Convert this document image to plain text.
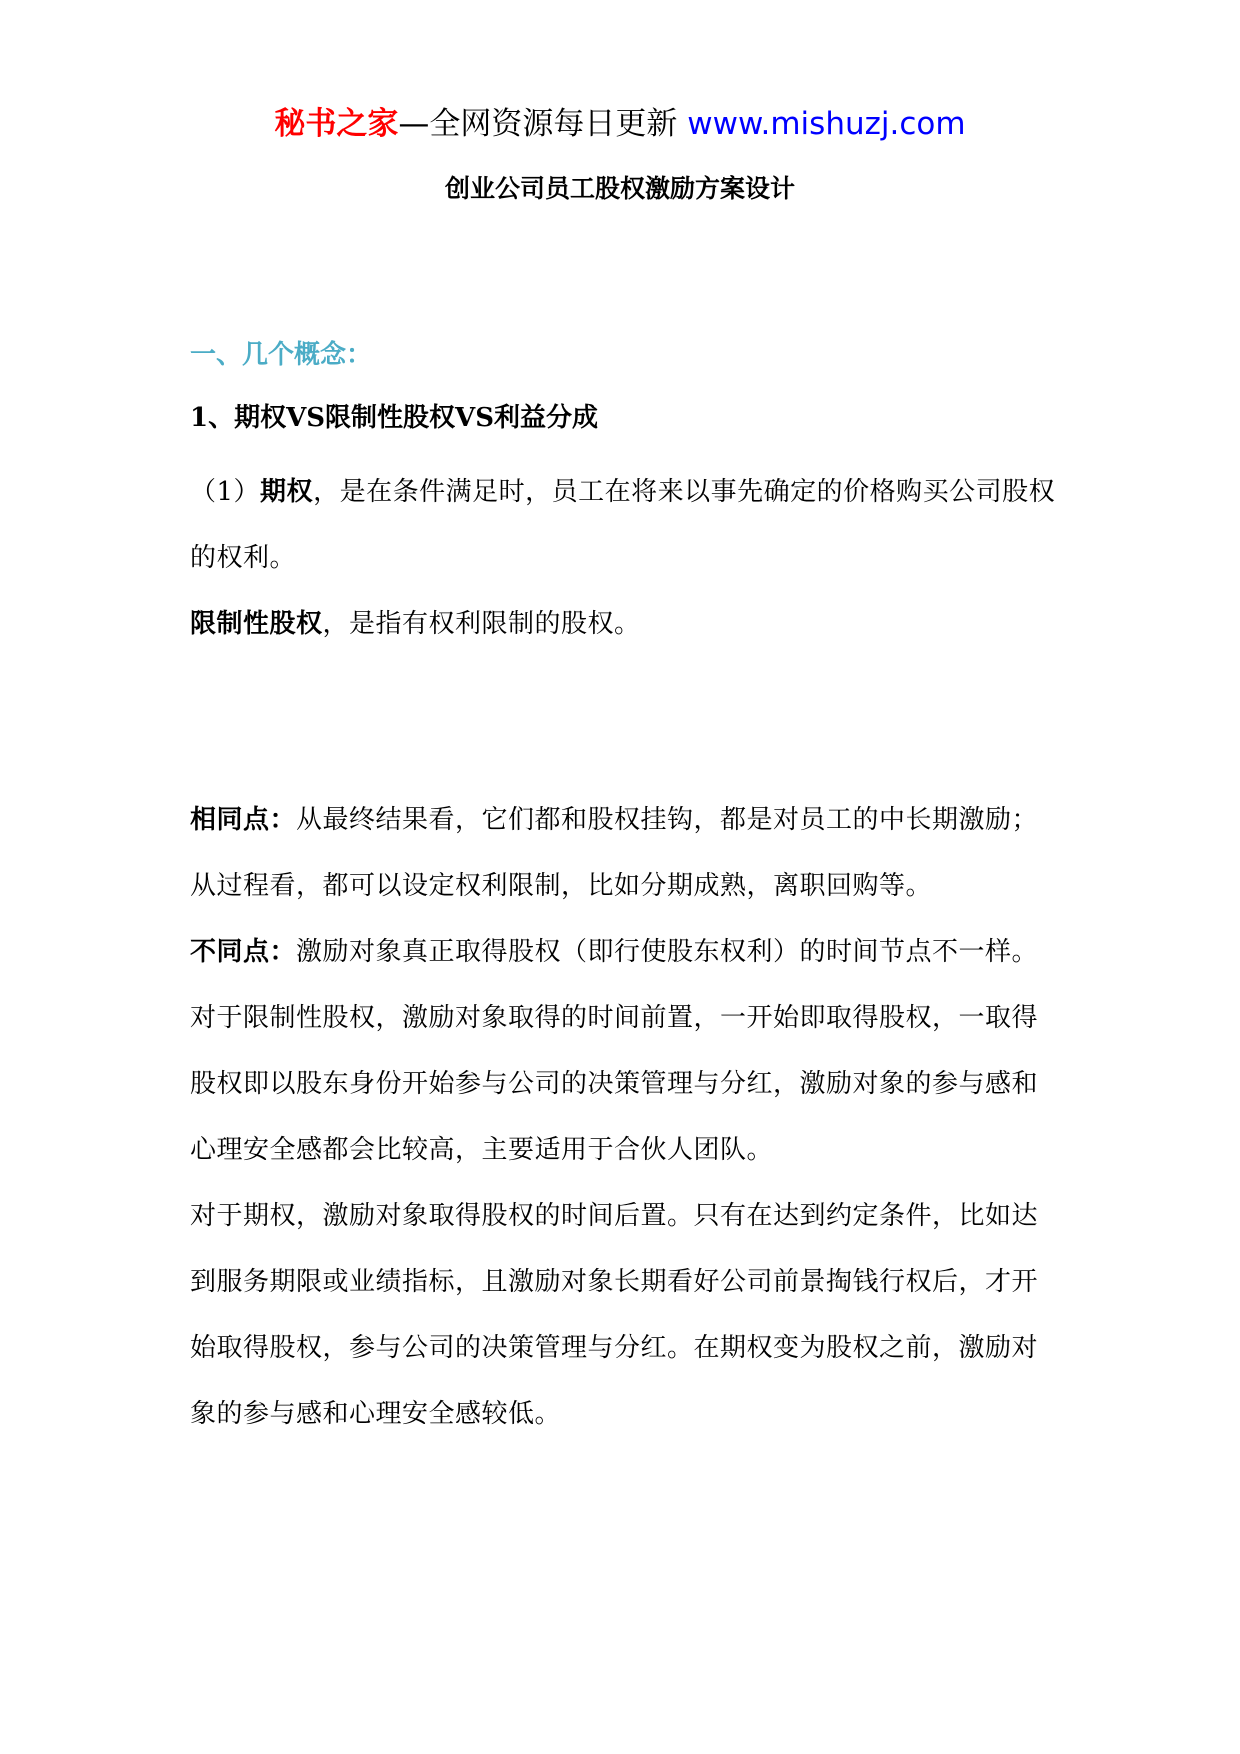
秘书之家—全网资源每日更新 www.mishuzj.com
创业公司员工股权激励方案设计
一、几个概念：
1、期权VS限制性股权VS利益分成

（1）期权，是在条件满足时，员工在将来以事先确定的价格购买公司股权的权利。

限制性股权，是指有权利限制的股权。

相同点：从最终结果看，它们都和股权挂钩，都是对员工的中长期激励；从过程看，都可以设定权利限制，比如分期成熟，离职回购等。

不同点：激励对象真正取得股权（即行使股东权利）的时间节点不一样。

对于限制性股权，激励对象取得的时间前置，一开始即取得股权，一取得股权即以股东身份开始参与公司的决策管理与分红，激励对象的参与感和心理安全感都会比较高，主要适用于合伙人团队。

对于期权，激励对象取得股权的时间后置。只有在达到约定条件，比如达到服务期限或业绩指标，且激励对象长期看好公司前景掏钱行权后，才开始取得股权，参与公司的决策管理与分红。在期权变为股权之前，激励对象的参与感和心理安全感较低。
